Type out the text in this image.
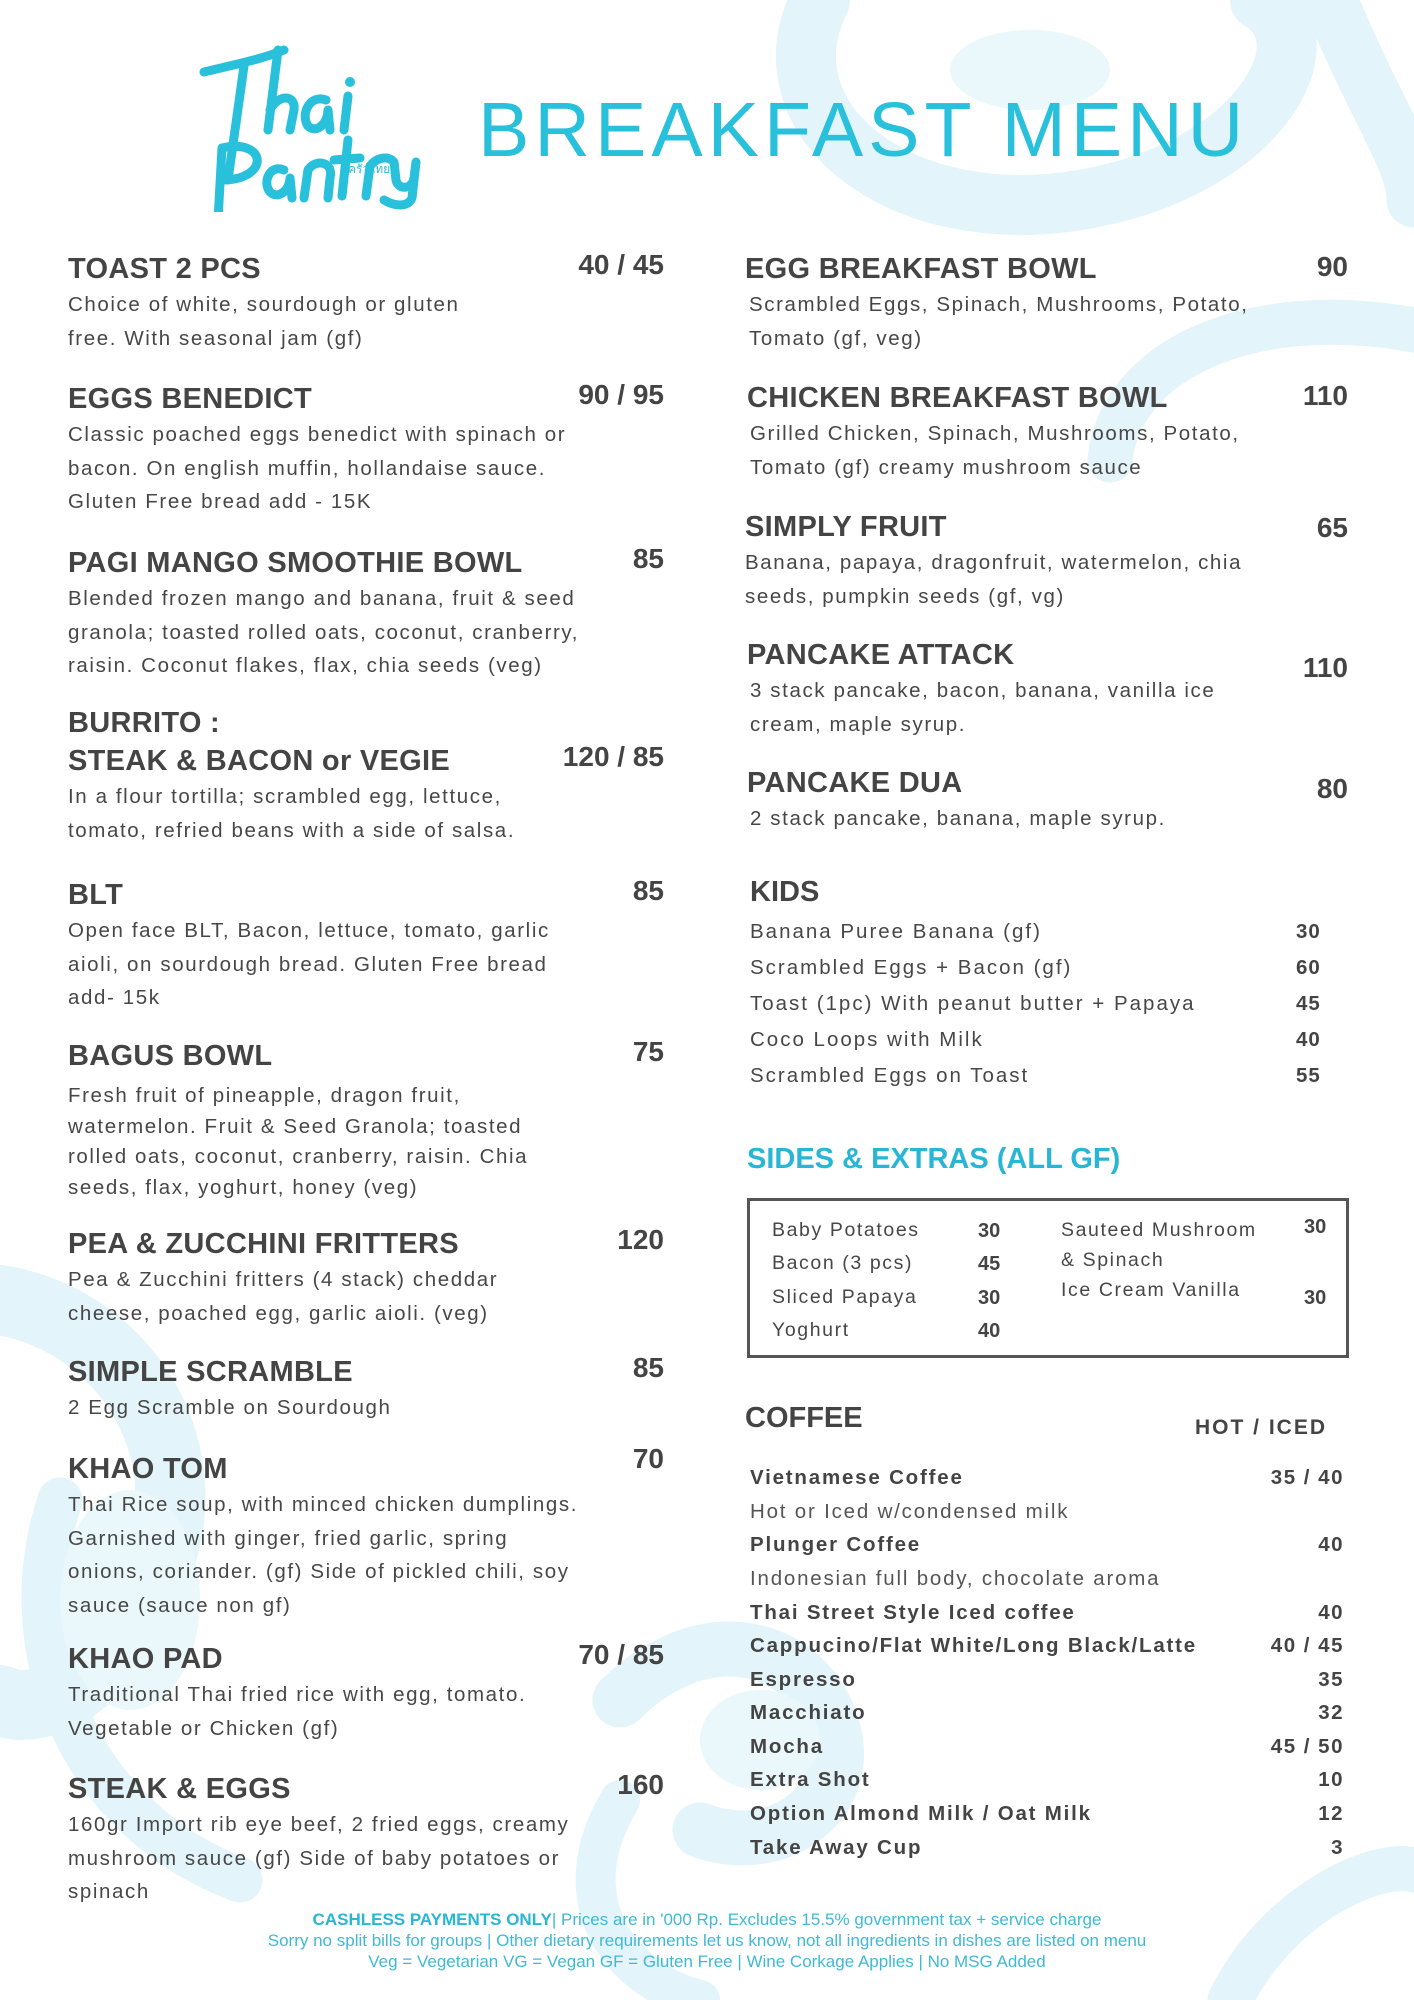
ครัวไทย BREAKFAST MENU
TOAST 2 PCS
Choice of white, sourdough or gluten
free. With seasonal jam (gf)
40 / 45
EGGS BENEDICT
Classic poached eggs benedict with spinach or
bacon. On english muffin, hollandaise sauce.
Gluten Free bread add - 15K
90 / 95
PAGI MANGO SMOOTHIE BOWL
Blended frozen mango and banana, fruit & seed
granola; toasted rolled oats, coconut, cranberry,
raisin. Coconut flakes, flax, chia seeds (veg)
85
BURRITO :
STEAK & BACON or VEGIE
In a flour tortilla; scrambled egg, lettuce,
tomato, refried beans with a side of salsa.
120 / 85
BLT
Open face BLT, Bacon, lettuce, tomato, garlic
aioli, on sourdough bread. Gluten Free bread
add- 15k
85
BAGUS BOWL
Fresh fruit of pineapple, dragon fruit,
watermelon. Fruit & Seed Granola; toasted
rolled oats, coconut, cranberry, raisin. Chia
seeds, flax, yoghurt, honey (veg)
75
PEA & ZUCCHINI FRITTERS
Pea & Zucchini fritters (4 stack) cheddar
cheese, poached egg, garlic aioli. (veg)
120
SIMPLE SCRAMBLE
2 Egg Scramble on Sourdough
85
KHAO TOM
Thai Rice soup, with minced chicken dumplings.
Garnished with ginger, fried garlic, spring
onions, coriander. (gf) Side of pickled chili, soy
sauce (sauce non gf)
70
KHAO PAD
Traditional Thai fried rice with egg, tomato.
Vegetable or Chicken (gf)
70 / 85
STEAK & EGGS
160gr Import rib eye beef, 2 fried eggs, creamy
mushroom sauce (gf) Side of baby potatoes or
spinach
160
EGG BREAKFAST BOWL
Scrambled Eggs, Spinach, Mushrooms, Potato,
Tomato (gf, veg)
90
CHICKEN BREAKFAST BOWL
Grilled Chicken, Spinach, Mushrooms, Potato,
Tomato (gf) creamy mushroom sauce
110
SIMPLY FRUIT
Banana, papaya, dragonfruit, watermelon, chia
seeds, pumpkin seeds (gf, vg)
65
PANCAKE ATTACK
3 stack pancake, bacon, banana, vanilla ice
cream, maple syrup.
110
PANCAKE DUA
2 stack pancake, banana, maple syrup.
80
KIDS
Banana Puree Banana (gf)	30
Scrambled Eggs + Bacon (gf)	60
Toast (1pc) With peanut butter + Papaya	45
Coco Loops with Milk	40
Scrambled Eggs on Toast	55
SIDES & EXTRAS (ALL GF)
Baby Potatoes	30
Bacon (3 pcs)	45
Sliced Papaya	30
Yoghurt	40
Sauteed Mushroom
& Spinach
30
Ice Cream Vanilla	30
COFFEE	HOT / ICED
Vietnamese Coffee	35 / 40
Hot or Iced w/condensed milk
Plunger Coffee	40
Indonesian full body, chocolate aroma
Thai Street Style Iced coffee	40
Cappucino/Flat White/Long Black/Latte	40 / 45
Espresso	35
Macchiato	32
Mocha	45 / 50
Extra Shot	10
Option Almond Milk / Oat Milk	12
Take Away Cup	3
CASHLESS PAYMENTS ONLY| Prices are in '000 Rp. Excludes 15.5% government tax + service charge
Sorry no split bills for groups | Other dietary requirements let us know, not all ingredients in dishes are listed on menu
Veg = Vegetarian VG = Vegan GF = Gluten Free | Wine Corkage Applies | No MSG Added
